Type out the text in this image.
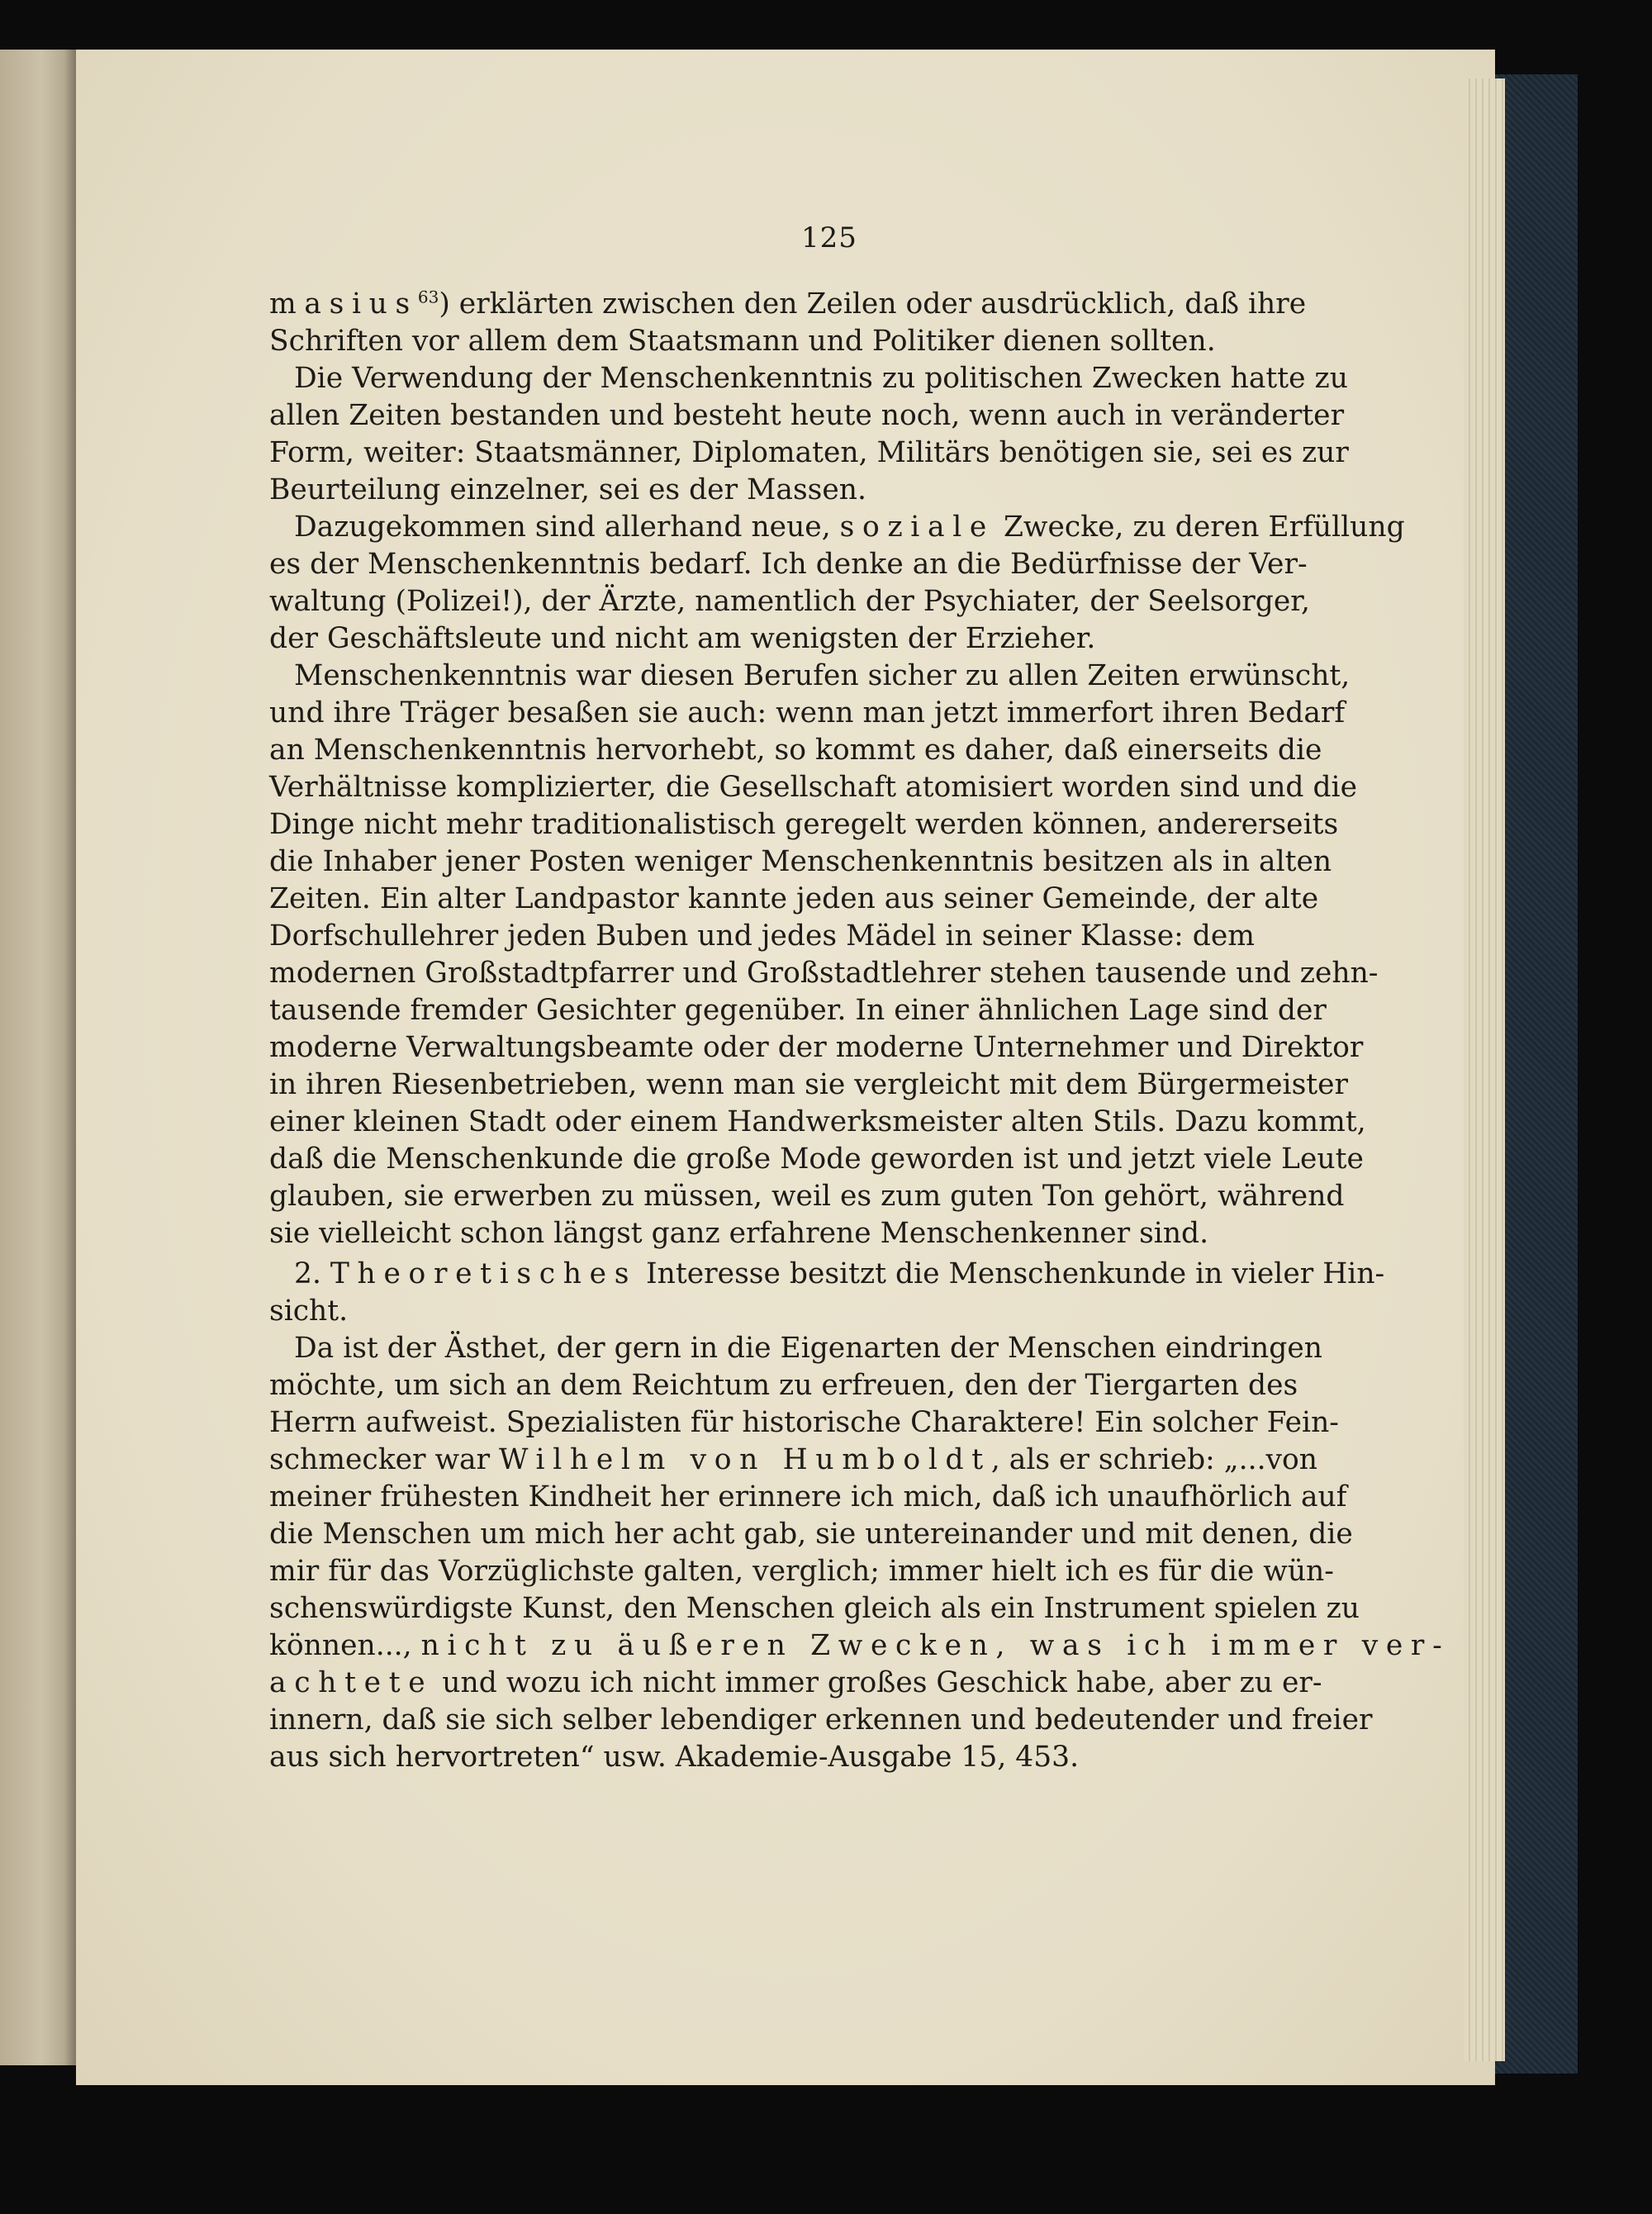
125
masius$^{63}$) erklärten zwischen den Zeilen oder ausdrücklich, daß ihre
Schriften vor allem dem Staatsmann und Politiker dienen sollten.
Die Verwendung der Menschenkenntnis zu politischen Zwecken hatte zu
allen Zeiten bestanden und besteht heute noch, wenn auch in veränderter
Form, weiter: Staatsmänner, Diplomaten, Militärs benötigen sie, sei es zur
Beurteilung einzelner, sei es der Massen.
Dazugekommen sind allerhand neue, soziale Zwecke, zu deren Erfüllung
es der Menschenkenntnis bedarf. Ich denke an die Bedürfnisse der Ver-
waltung (Polizei!), der Ärzte, namentlich der Psychiater, der Seelsorger,
der Geschäftsleute und nicht am wenigsten der Erzieher.
Menschenkenntnis war diesen Berufen sicher zu allen Zeiten erwünscht,
und ihre Träger besaßen sie auch: wenn man jetzt immerfort ihren Bedarf
an Menschenkenntnis hervorhebt, so kommt es daher, daß einerseits die
Verhältnisse komplizierter, die Gesellschaft atomisiert worden sind und die
Dinge nicht mehr traditionalistisch geregelt werden können, andererseits
die Inhaber jener Posten weniger Menschenkenntnis besitzen als in alten
Zeiten. Ein alter Landpastor kannte jeden aus seiner Gemeinde, der alte
Dorfschullehrer jeden Buben und jedes Mädel in seiner Klasse: dem
modernen Großstadtpfarrer und Großstadtlehrer stehen tausende und zehn-
tausende fremder Gesichter gegenüber. In einer ähnlichen Lage sind der
moderne Verwaltungsbeamte oder der moderne Unternehmer und Direktor
in ihren Riesenbetrieben, wenn man sie vergleicht mit dem Bürgermeister
einer kleinen Stadt oder einem Handwerksmeister alten Stils. Dazu kommt,
daß die Menschenkunde die große Mode geworden ist und jetzt viele Leute
glauben, sie erwerben zu müssen, weil es zum guten Ton gehört, während
sie vielleicht schon längst ganz erfahrene Menschenkenner sind.
2. Theoretisches Interesse besitzt die Menschenkunde in vieler Hin-
sicht.
Da ist der Ästhet, der gern in die Eigenarten der Menschen eindringen
möchte, um sich an dem Reichtum zu erfreuen, den der Tiergarten des
Herrn aufweist. Spezialisten für historische Charaktere! Ein solcher Fein-
schmecker war Wilhelm von Humboldt, als er schrieb: „...von
meiner frühesten Kindheit her erinnere ich mich, daß ich unaufhörlich auf
die Menschen um mich her acht gab, sie untereinander und mit denen, die
mir für das Vorzüglichste galten, verglich; immer hielt ich es für die wün-
schenswürdigste Kunst, den Menschen gleich als ein Instrument spielen zu
können..., nicht zu äußeren Zwecken, was ich immer ver-
achtete und wozu ich nicht immer großes Geschick habe, aber zu er-
innern, daß sie sich selber lebendiger erkennen und bedeutender und freier
aus sich hervortreten“ usw. Akademie-Ausgabe 15, 453.
